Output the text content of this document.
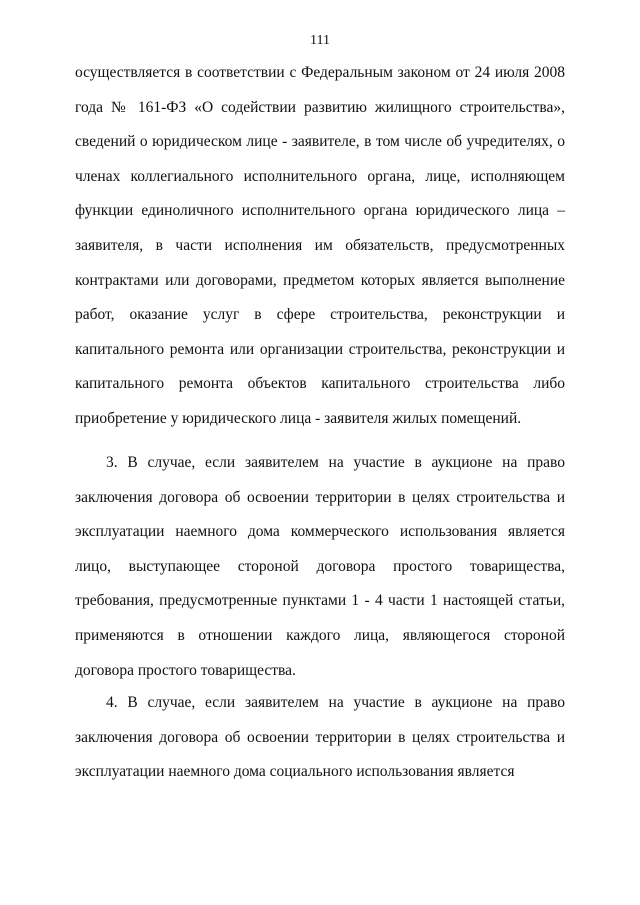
111

осуществляется в соответствии с Федеральным законом от 24 июля 2008 года № 161-ФЗ «О содействии развитию жилищного строительства», сведений о юридическом лице - заявителе, в том числе об учредителях, о членах коллегиального исполнительного органа, лице, исполняющем функции единоличного исполнительного органа юридического лица – заявителя, в части исполнения им обязательств, предусмотренных контрактами или договорами, предметом которых является выполнение работ, оказание услуг в сфере строительства, реконструкции и капитального ремонта или организации строительства, реконструкции и капитального ремонта объектов капитального строительства либо приобретение у юридического лица - заявителя жилых помещений.

3. В случае, если заявителем на участие в аукционе на право заключения договора об освоении территории в целях строительства и эксплуатации наемного дома коммерческого использования является лицо, выступающее стороной договора простого товарищества, требования, предусмотренные пунктами 1 - 4 части 1 настоящей статьи, применяются в отношении каждого лица, являющегося стороной договора простого товарищества.

4. В случае, если заявителем на участие в аукционе на право заключения договора об освоении территории в целях строительства и эксплуатации наемного дома социального использования является
